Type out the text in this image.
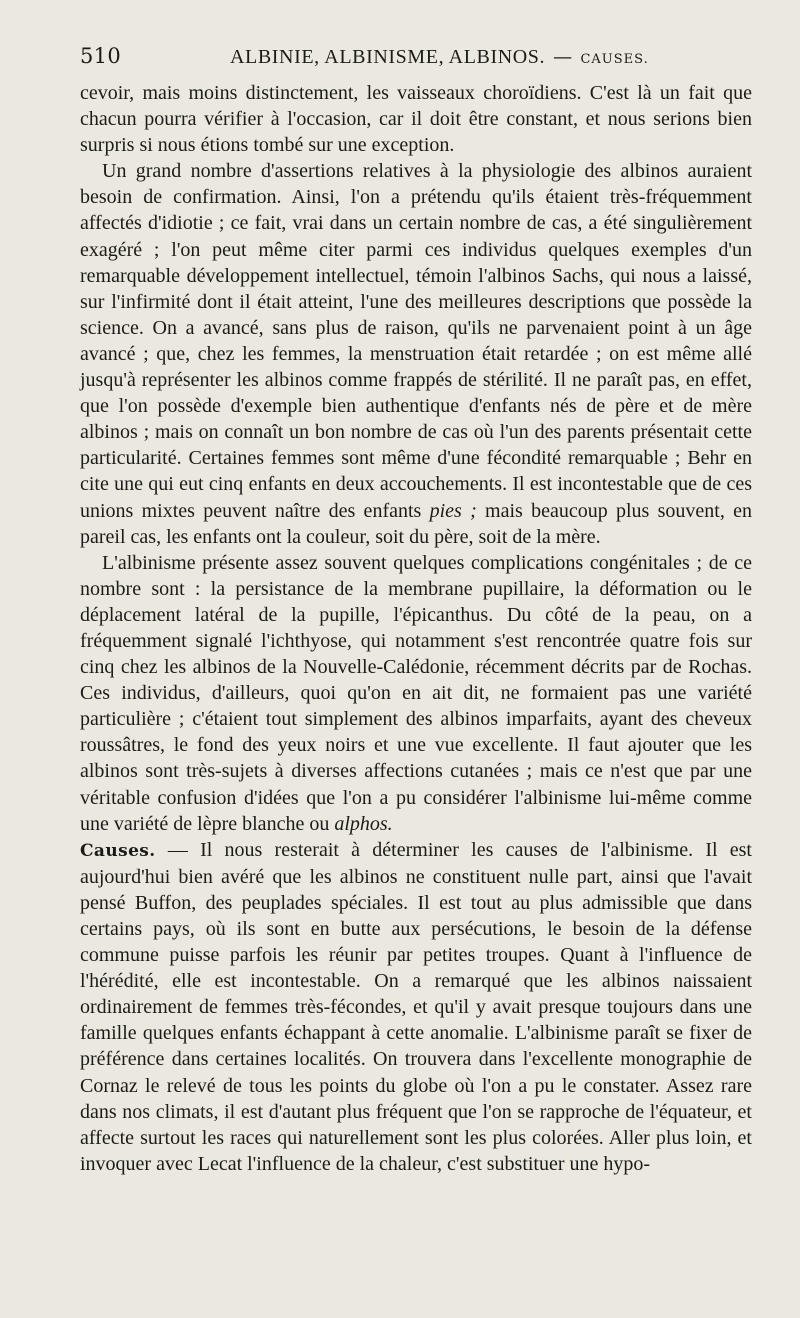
510	ALBINIE, ALBINISME, ALBINOS. — CAUSES.

cevoir, mais moins distinctement, les vaisseaux choroïdiens. C'est là un fait que chacun pourra vérifier à l'occasion, car il doit être constant, et nous serions bien surpris si nous étions tombé sur une exception.

Un grand nombre d'assertions relatives à la physiologie des albinos auraient besoin de confirmation. Ainsi, l'on a prétendu qu'ils étaient très-fréquemment affectés d'idiotie ; ce fait, vrai dans un certain nombre de cas, a été singulièrement exagéré ; l'on peut même citer parmi ces individus quelques exemples d'un remarquable développement intellectuel, témoin l'albinos Sachs, qui nous a laissé, sur l'infirmité dont il était atteint, l'une des meilleures descriptions que possède la science. On a avancé, sans plus de raison, qu'ils ne parvenaient point à un âge avancé ; que, chez les femmes, la menstruation était retardée ; on est même allé jusqu'à représenter les albinos comme frappés de stérilité. Il ne paraît pas, en effet, que l'on possède d'exemple bien authentique d'enfants nés de père et de mère albinos ; mais on connaît un bon nombre de cas où l'un des parents présentait cette particularité. Certaines femmes sont même d'une fécondité remarquable ; Behr en cite une qui eut cinq enfants en deux accouchements. Il est incontestable que de ces unions mixtes peuvent naître des enfants pies ; mais beaucoup plus souvent, en pareil cas, les enfants ont la couleur, soit du père, soit de la mère.

L'albinisme présente assez souvent quelques complications congénitales ; de ce nombre sont : la persistance de la membrane pupillaire, la déformation ou le déplacement latéral de la pupille, l'épicanthus. Du côté de la peau, on a fréquemment signalé l'ichthyose, qui notamment s'est rencontrée quatre fois sur cinq chez les albinos de la Nouvelle-Calédonie, récemment décrits par de Rochas. Ces individus, d'ailleurs, quoi qu'on en ait dit, ne formaient pas une variété particulière ; c'étaient tout simplement des albinos imparfaits, ayant des cheveux roussâtres, le fond des yeux noirs et une vue excellente. Il faut ajouter que les albinos sont très-sujets à diverses affections cutanées ; mais ce n'est que par une véritable confusion d'idées que l'on a pu considérer l'albinisme lui-même comme une variété de lèpre blanche ou alphos.

Causes. — Il nous resterait à déterminer les causes de l'albinisme. Il est aujourd'hui bien avéré que les albinos ne constituent nulle part, ainsi que l'avait pensé Buffon, des peuplades spéciales. Il est tout au plus admissible que dans certains pays, où ils sont en butte aux persécutions, le besoin de la défense commune puisse parfois les réunir par petites troupes. Quant à l'influence de l'hérédité, elle est incontestable. On a remarqué que les albinos naissaient ordinairement de femmes très-fécondes, et qu'il y avait presque toujours dans une famille quelques enfants échappant à cette anomalie. L'albinisme paraît se fixer de préférence dans certaines localités. On trouvera dans l'excellente monographie de Cornaz le relevé de tous les points du globe où l'on a pu le constater. Assez rare dans nos climats, il est d'autant plus fréquent que l'on se rapproche de l'équateur, et affecte surtout les races qui naturellement sont les plus colorées. Aller plus loin, et invoquer avec Lecat l'influence de la chaleur, c'est substituer une hypo-
